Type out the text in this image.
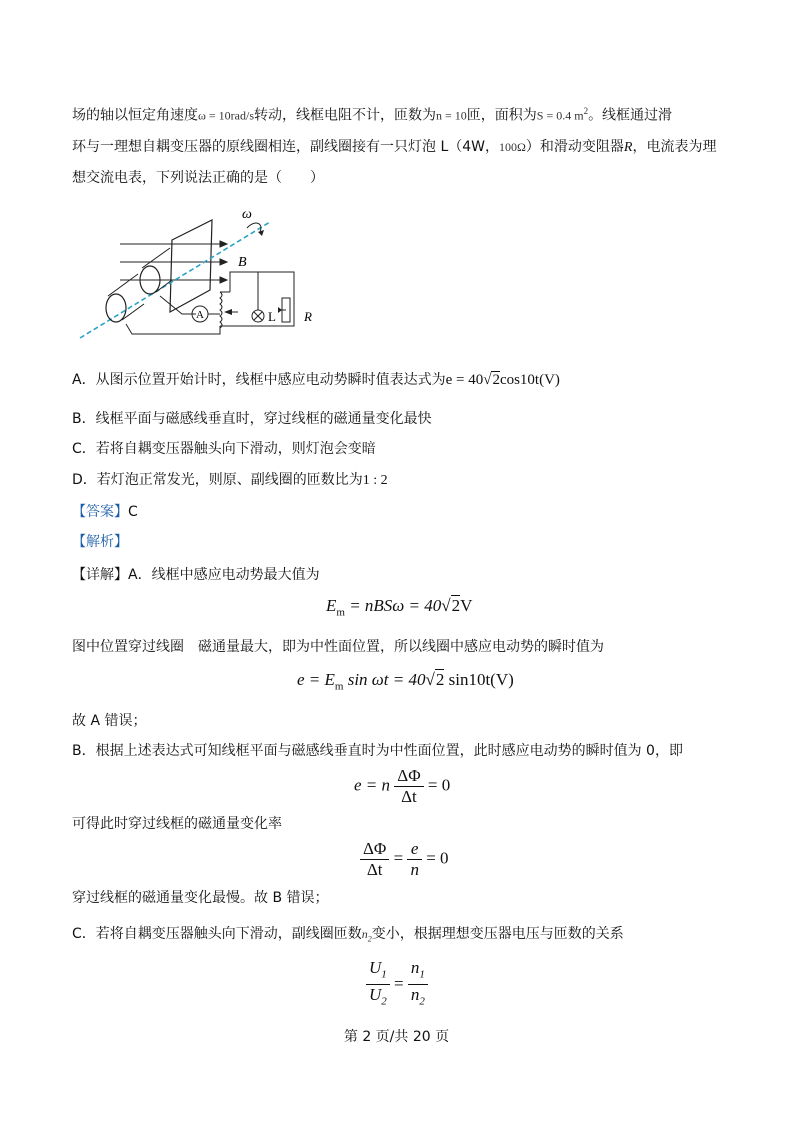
场的轴以恒定角速度ω = 10rad/s转动，线框电阻不计，匝数为n = 10匝，面积为S = 0.4 $m^2$。线框通过滑
环与一理想自耦变压器的原线圈相连，副线圈接有一只灯泡 L（4W，100Ω）和滑动变阻器R，电流表为理
想交流电表，下列说法正确的是（　　）
ω
B
A	L R
A．从图示位置开始计时，线框中感应电动势瞬时值表达式为e = 40√2cos10t(V)
B．线框平面与磁感线垂直时，穿过线框的磁通量变化最快
C．若将自耦变压器触头向下滑动，则灯泡会变暗
D．若灯泡正常发光，则原、副线圈的匝数比为1 : 2
【答案】C
【解析】
【详解】A．线框中感应电动势最大值为
$E_m = nBS\omega = 40√2V$
图中位置穿过线圈　磁通量最大，即为中性面位置，所以线圈中感应电动势的瞬时值为
$e = E_m$ sin ωt = 40√2 sin10t(V)
故 A 错误；
B．根据上述表达式可知线框平面与磁感线垂直时为中性面位置，此时感应电动势的瞬时值为 0，即
e = n $\frac{\Delta\Phi}{\Delta t} = 0$
可得此时穿过线框的磁通量变化率
$\frac{\Delta\Phi}{\Delta t} = \frac{e}{n} = 0$
穿过线框的磁通量变化最慢。故 B 错误；
C．若将自耦变压器触头向下滑动，副线圈匝数$n_2$变小，根据理想变压器电压与匝数的关系
$\frac{U_1}{U_2} = \frac{n_1}{n_2}$
第 2 页/共 20 页
